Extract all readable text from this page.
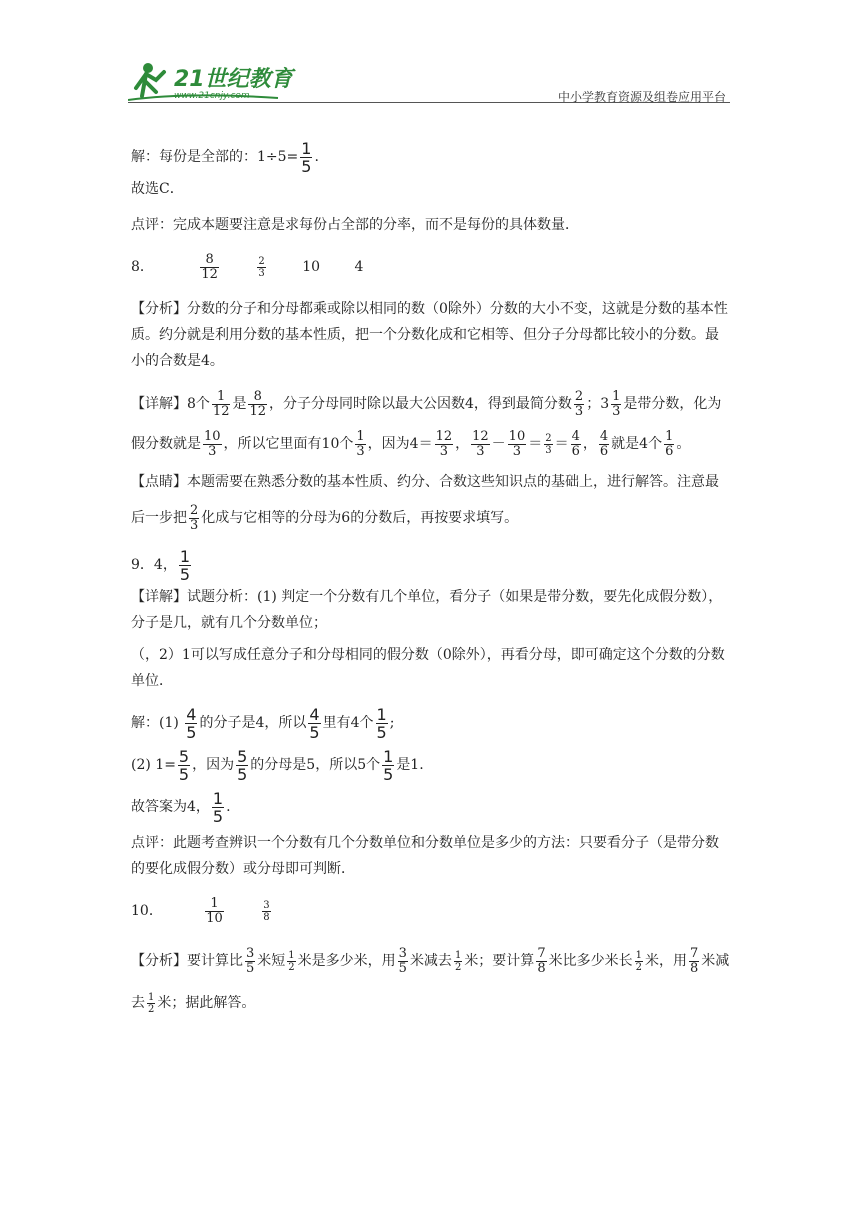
21世纪教育
www.21cnjy.com	中小学教育资源及组卷应用平台

解：每份是全部的：$1\div 5= \frac{1}{5}$ .

故选C．

点评：完成本题要注意是求每份占全部的分率，而不是每份的具体数量．

8．	$\frac{8}{12}$
	$\frac{2}{3}$	10 4

【分析】分数的分子和分母都乘或除以相同的数（0除外）分数的大小不变，这就是分数的基本性质。约分就是利用分数的基本性质，把一个分数化成和它相等、但分子分母都比较小的分数。最小的合数是4。

【详解】8个 $\frac{1}{12}$ 是 $\frac{8}{12}$ ，分子分母同时除以最大公因数4，得到最简分数 $\frac{2}{3}$ ；$3 \frac{1}{3}$ 是带分数，化为假分数就是 $\frac{10}{3}$ ，所以它里面有10个 $\frac{1}{3}$ ，因为$4= \frac{12}{3}$ ， $\frac{12}{3} - \frac{10}{3} = \frac{2}{3} = \frac{4}{6}$ ， $\frac{4}{6}$ 就是4个 $\frac{1}{6}$ 。

【点睛】本题需要在熟悉分数的基本性质、约分、合数这些知识点的基础上，进行解答。注意最后一步把 $\frac{2}{3}$ 化成与它相等的分母为6的分数后，再按要求填写。

9．4， $\frac{1}{5}$

【详解】试题分析：(1) 判定一个分数有几个单位，看分子（如果是带分数，要先化成假分数），分子是几，就有几个分数单位；

（，2）1可以写成任意分子和分母相同的假分数（0除外），再看分母，即可确定这个分数的分数单位．

解：$(1) \frac{4}{5}$ 的分子是4，所以 $\frac{4}{5}$ 里有4个 $\frac{1}{5}$ ;

(2) $1= \frac{5}{5}$ ，因为 $\frac{5}{5}$ 的分母是5，所以5个 $\frac{1}{5}$ 是1.

故答案为4， $\frac{1}{5}$ .

点评：此题考查辨识一个分数有几个分数单位和分数单位是多少的方法：只要看分子（是带分数的要化成假分数）或分母即可判断．

10．	$\frac{1}{10}$
	$\frac{3}{8}$

【分析】要计算比 $\frac{3}{5}$ 米短 $\frac{1}{2}$ 米是多少米，用 $\frac{3}{5}$ 米减去 $\frac{1}{2}$ 米；要计算 $\frac{7}{8}$ 米比多少米长 $\frac{1}{2}$ 米，用 $\frac{7}{8}$ 米减去 $\frac{1}{2}$ 米；据此解答。
